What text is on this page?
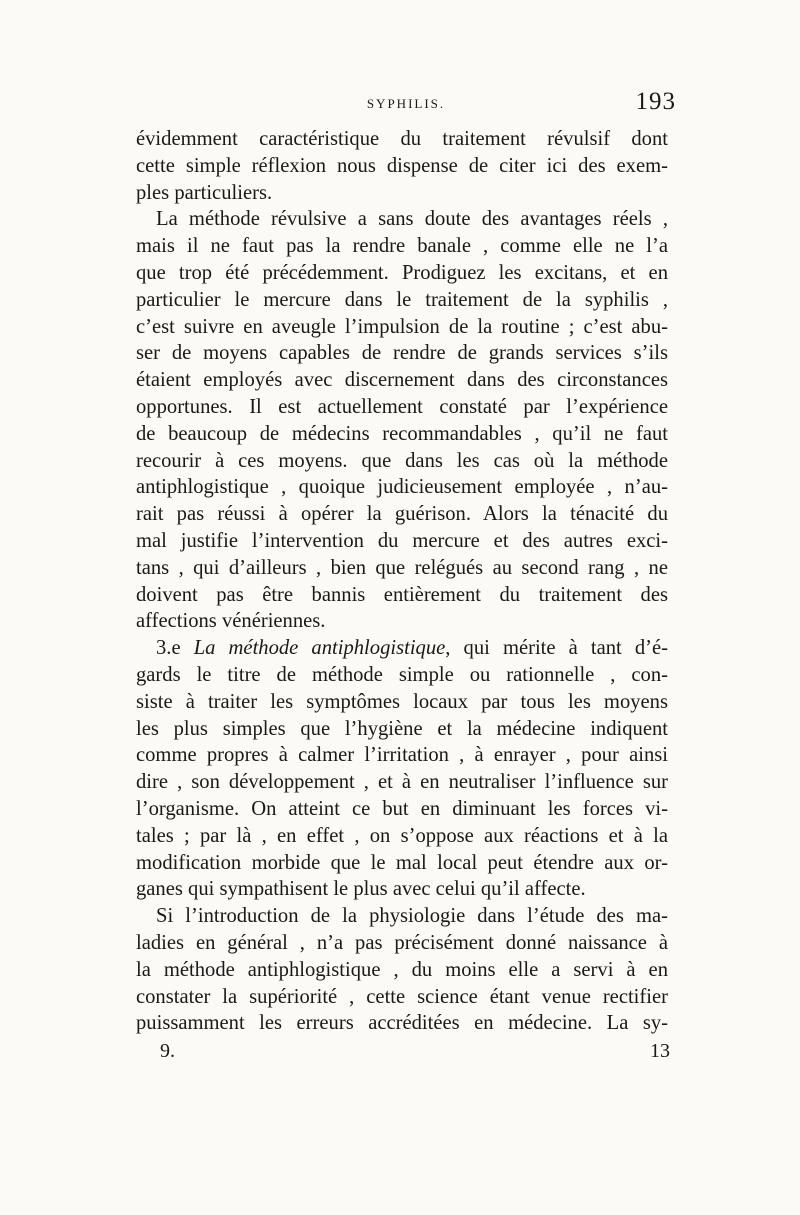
SYPHILIS.	193
évidemment caractéristique du traitement révulsif dont
cette simple réflexion nous dispense de citer ici des exem-
ples particuliers.
La méthode révulsive a sans doute des avantages réels ,
mais il ne faut pas la rendre banale , comme elle ne l’a
que trop été précédemment. Prodiguez les excitans, et en
particulier le mercure dans le traitement de la syphilis ,
c’est suivre en aveugle l’impulsion de la routine ; c’est abu-
ser de moyens capables de rendre de grands services s’ils
étaient employés avec discernement dans des circonstances
opportunes. Il est actuellement constaté par l’expérience
de beaucoup de médecins recommandables , qu’il ne faut
recourir à ces moyens. que dans les cas où la méthode
antiphlogistique , quoique judicieusement employée , n’au-
rait pas réussi à opérer la guérison. Alors la ténacité du
mal justifie l’intervention du mercure et des autres exci-
tans , qui d’ailleurs , bien que relégués au second rang , ne
doivent pas être bannis entièrement du traitement des
affections vénériennes.
3.e La méthode antiphlogistique, qui mérite à tant d’é-
gards le titre de méthode simple ou rationnelle , con-
siste à traiter les symptômes locaux par tous les moyens
les plus simples que l’hygiène et la médecine indiquent
comme propres à calmer l’irritation , à enrayer , pour ainsi
dire , son développement , et à en neutraliser l’influence sur
l’organisme. On atteint ce but en diminuant les forces vi-
tales ; par là , en effet , on s’oppose aux réactions et à la
modification morbide que le mal local peut étendre aux or-
ganes qui sympathisent le plus avec celui qu’il affecte.
Si l’introduction de la physiologie dans l’étude des ma-
ladies en général , n’a pas précisément donné naissance à
la méthode antiphlogistique , du moins elle a servi à en
constater la supériorité , cette science étant venue rectifier
puissamment les erreurs accréditées en médecine. La sy-
9.	13
